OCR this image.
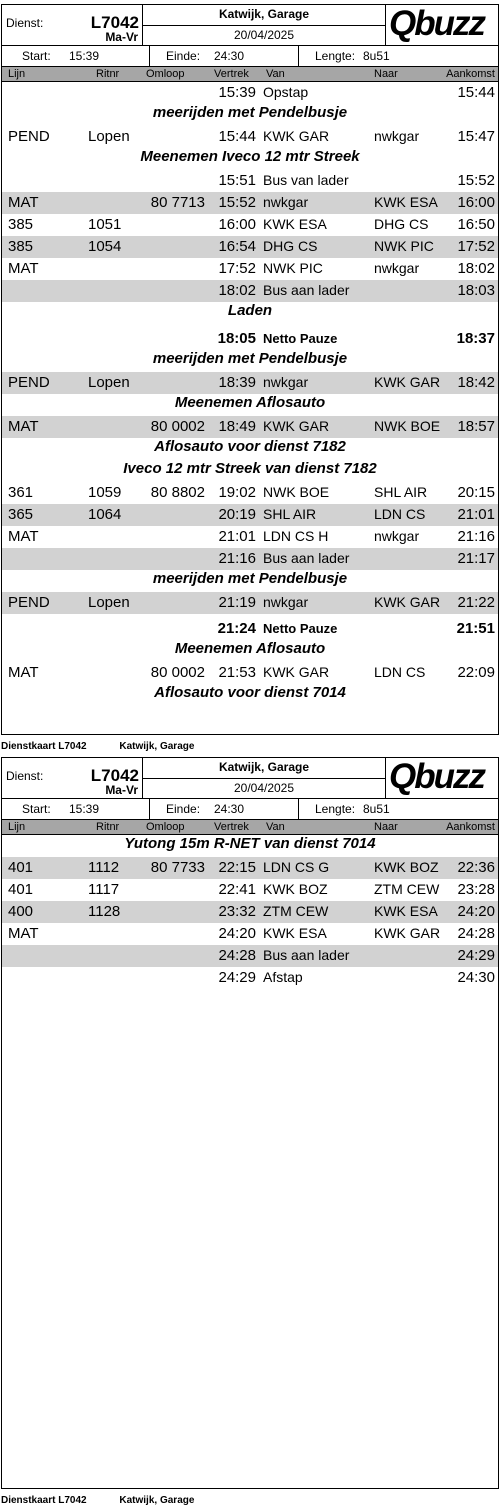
Dienst:	L7042
Ma-Vr
Katwijk, Garage
20/04/2025	Qbuzz
Start: 15:39	Einde: 24:30	Lengte: 8u51
Lijn	Ritnr Omloop	Vertrek Van	Naar	Aankomst
15:39 Opstap	15:44
meerijden met Pendelbusje
PEND	Lopen	15:44 KWK GAR	nwkgar	15:47
Meenemen Iveco 12 mtr Streek
15:51 Bus van lader	15:52
MAT	80 7713 15:52 nwkgar	KWK ESA 16:00
385	1051	16:00 KWK ESA	DHG CS 16:50
385	1054	16:54 DHG CS	NWK PIC 17:52
MAT	17:52 NWK PIC	nwkgar	18:02
18:02 Bus aan lader	18:03
Laden
18:05 Netto Pauze	18:37
meerijden met Pendelbusje
PEND	Lopen	18:39 nwkgar	KWK GAR 18:42
Meenemen Aflosauto
MAT	80 0002 18:49 KWK GAR	NWK BOE 18:57
Aflosauto voor dienst 7182
Iveco 12 mtr Streek van dienst 7182
361	1059 80 8802 19:02 NWK BOE	SHL AIR 20:15
365	1064	20:19 SHL AIR	LDN CS 21:01
MAT	21:01 LDN CS H	nwkgar	21:16
21:16 Bus aan lader	21:17
meerijden met Pendelbusje
PEND	Lopen	21:19 nwkgar	KWK GAR 21:22
21:24 Netto Pauze	21:51
Meenemen Aflosauto
MAT	80 0002 21:53 KWK GAR	LDN CS 22:09
Aflosauto voor dienst 7014
Dienstkaart L7042	Katwijk, Garage
Dienst:	L7042
Ma-Vr
Katwijk, Garage
20/04/2025	Qbuzz
Start: 15:39	Einde: 24:30	Lengte: 8u51
Lijn	Ritnr Omloop	Vertrek Van	Naar	Aankomst
Yutong 15m R-NET van dienst 7014
401	1112 80 7733 22:15 LDN CS G	KWK BOZ 22:36
401	1117	22:41 KWK BOZ	ZTM CEW 23:28
400	1128	23:32 ZTM CEW	KWK ESA 24:20
MAT	24:20 KWK ESA	KWK GAR 24:28
24:28 Bus aan lader	24:29
24:29 Afstap	24:30
Dienstkaart L7042	Katwijk, Garage
